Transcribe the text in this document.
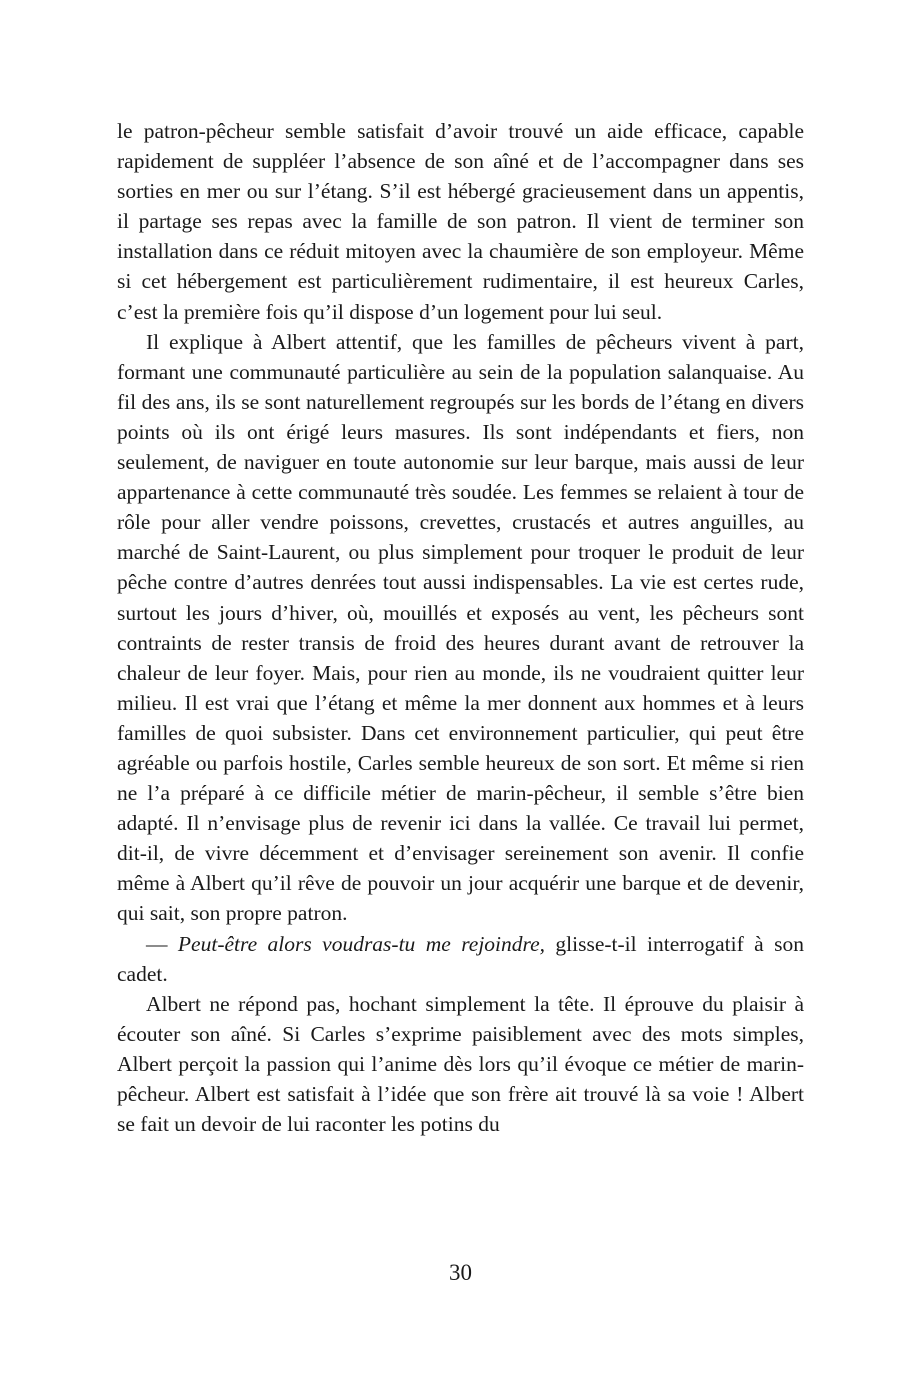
le patron-pêcheur semble satisfait d’avoir trouvé un aide efficace, capable rapidement de suppléer l’absence de son aîné et de l’accompagner dans ses sorties en mer ou sur l’étang. S’il est hébergé gracieusement dans un appentis, il partage ses repas avec la famille de son patron. Il vient de terminer son installation dans ce réduit mitoyen avec la chaumière de son employeur. Même si cet hébergement est particulièrement rudimentaire, il est heureux Carles, c’est la première fois qu’il dispose d’un logement pour lui seul.

Il explique à Albert attentif, que les familles de pêcheurs vivent à part, formant une communauté particulière au sein de la population salanquaise. Au fil des ans, ils se sont naturellement regroupés sur les bords de l’étang en divers points où ils ont érigé leurs masures. Ils sont indépendants et fiers, non seulement, de naviguer en toute autonomie sur leur barque, mais aussi de leur appartenance à cette communauté très soudée. Les femmes se relaient à tour de rôle pour aller vendre poissons, crevettes, crustacés et autres anguilles, au marché de Saint-Laurent, ou plus simplement pour troquer le produit de leur pêche contre d’autres denrées tout aussi indispensables. La vie est certes rude, surtout les jours d’hiver, où, mouillés et exposés au vent, les pêcheurs sont contraints de rester transis de froid des heures durant avant de retrouver la chaleur de leur foyer. Mais, pour rien au monde, ils ne voudraient quitter leur milieu. Il est vrai que l’étang et même la mer donnent aux hommes et à leurs familles de quoi subsister. Dans cet environnement particulier, qui peut être agréable ou parfois hostile, Carles semble heureux de son sort. Et même si rien ne l’a préparé à ce difficile métier de marin-pêcheur, il semble s’être bien adapté. Il n’envisage plus de revenir ici dans la vallée. Ce travail lui permet, dit-il, de vivre décemment et d’envisager sereinement son avenir. Il confie même à Albert qu’il rêve de pouvoir un jour acquérir une barque et de devenir, qui sait, son propre patron.

— Peut-être alors voudras-tu me rejoindre, glisse-t-il interrogatif à son cadet.

Albert ne répond pas, hochant simplement la tête. Il éprouve du plaisir à écouter son aîné. Si Carles s’exprime paisiblement avec des mots simples, Albert perçoit la passion qui l’anime dès lors qu’il évoque ce métier de marin-pêcheur. Albert est satisfait à l’idée que son frère ait trouvé là sa voie ! Albert se fait un devoir de lui raconter les potins du

30
